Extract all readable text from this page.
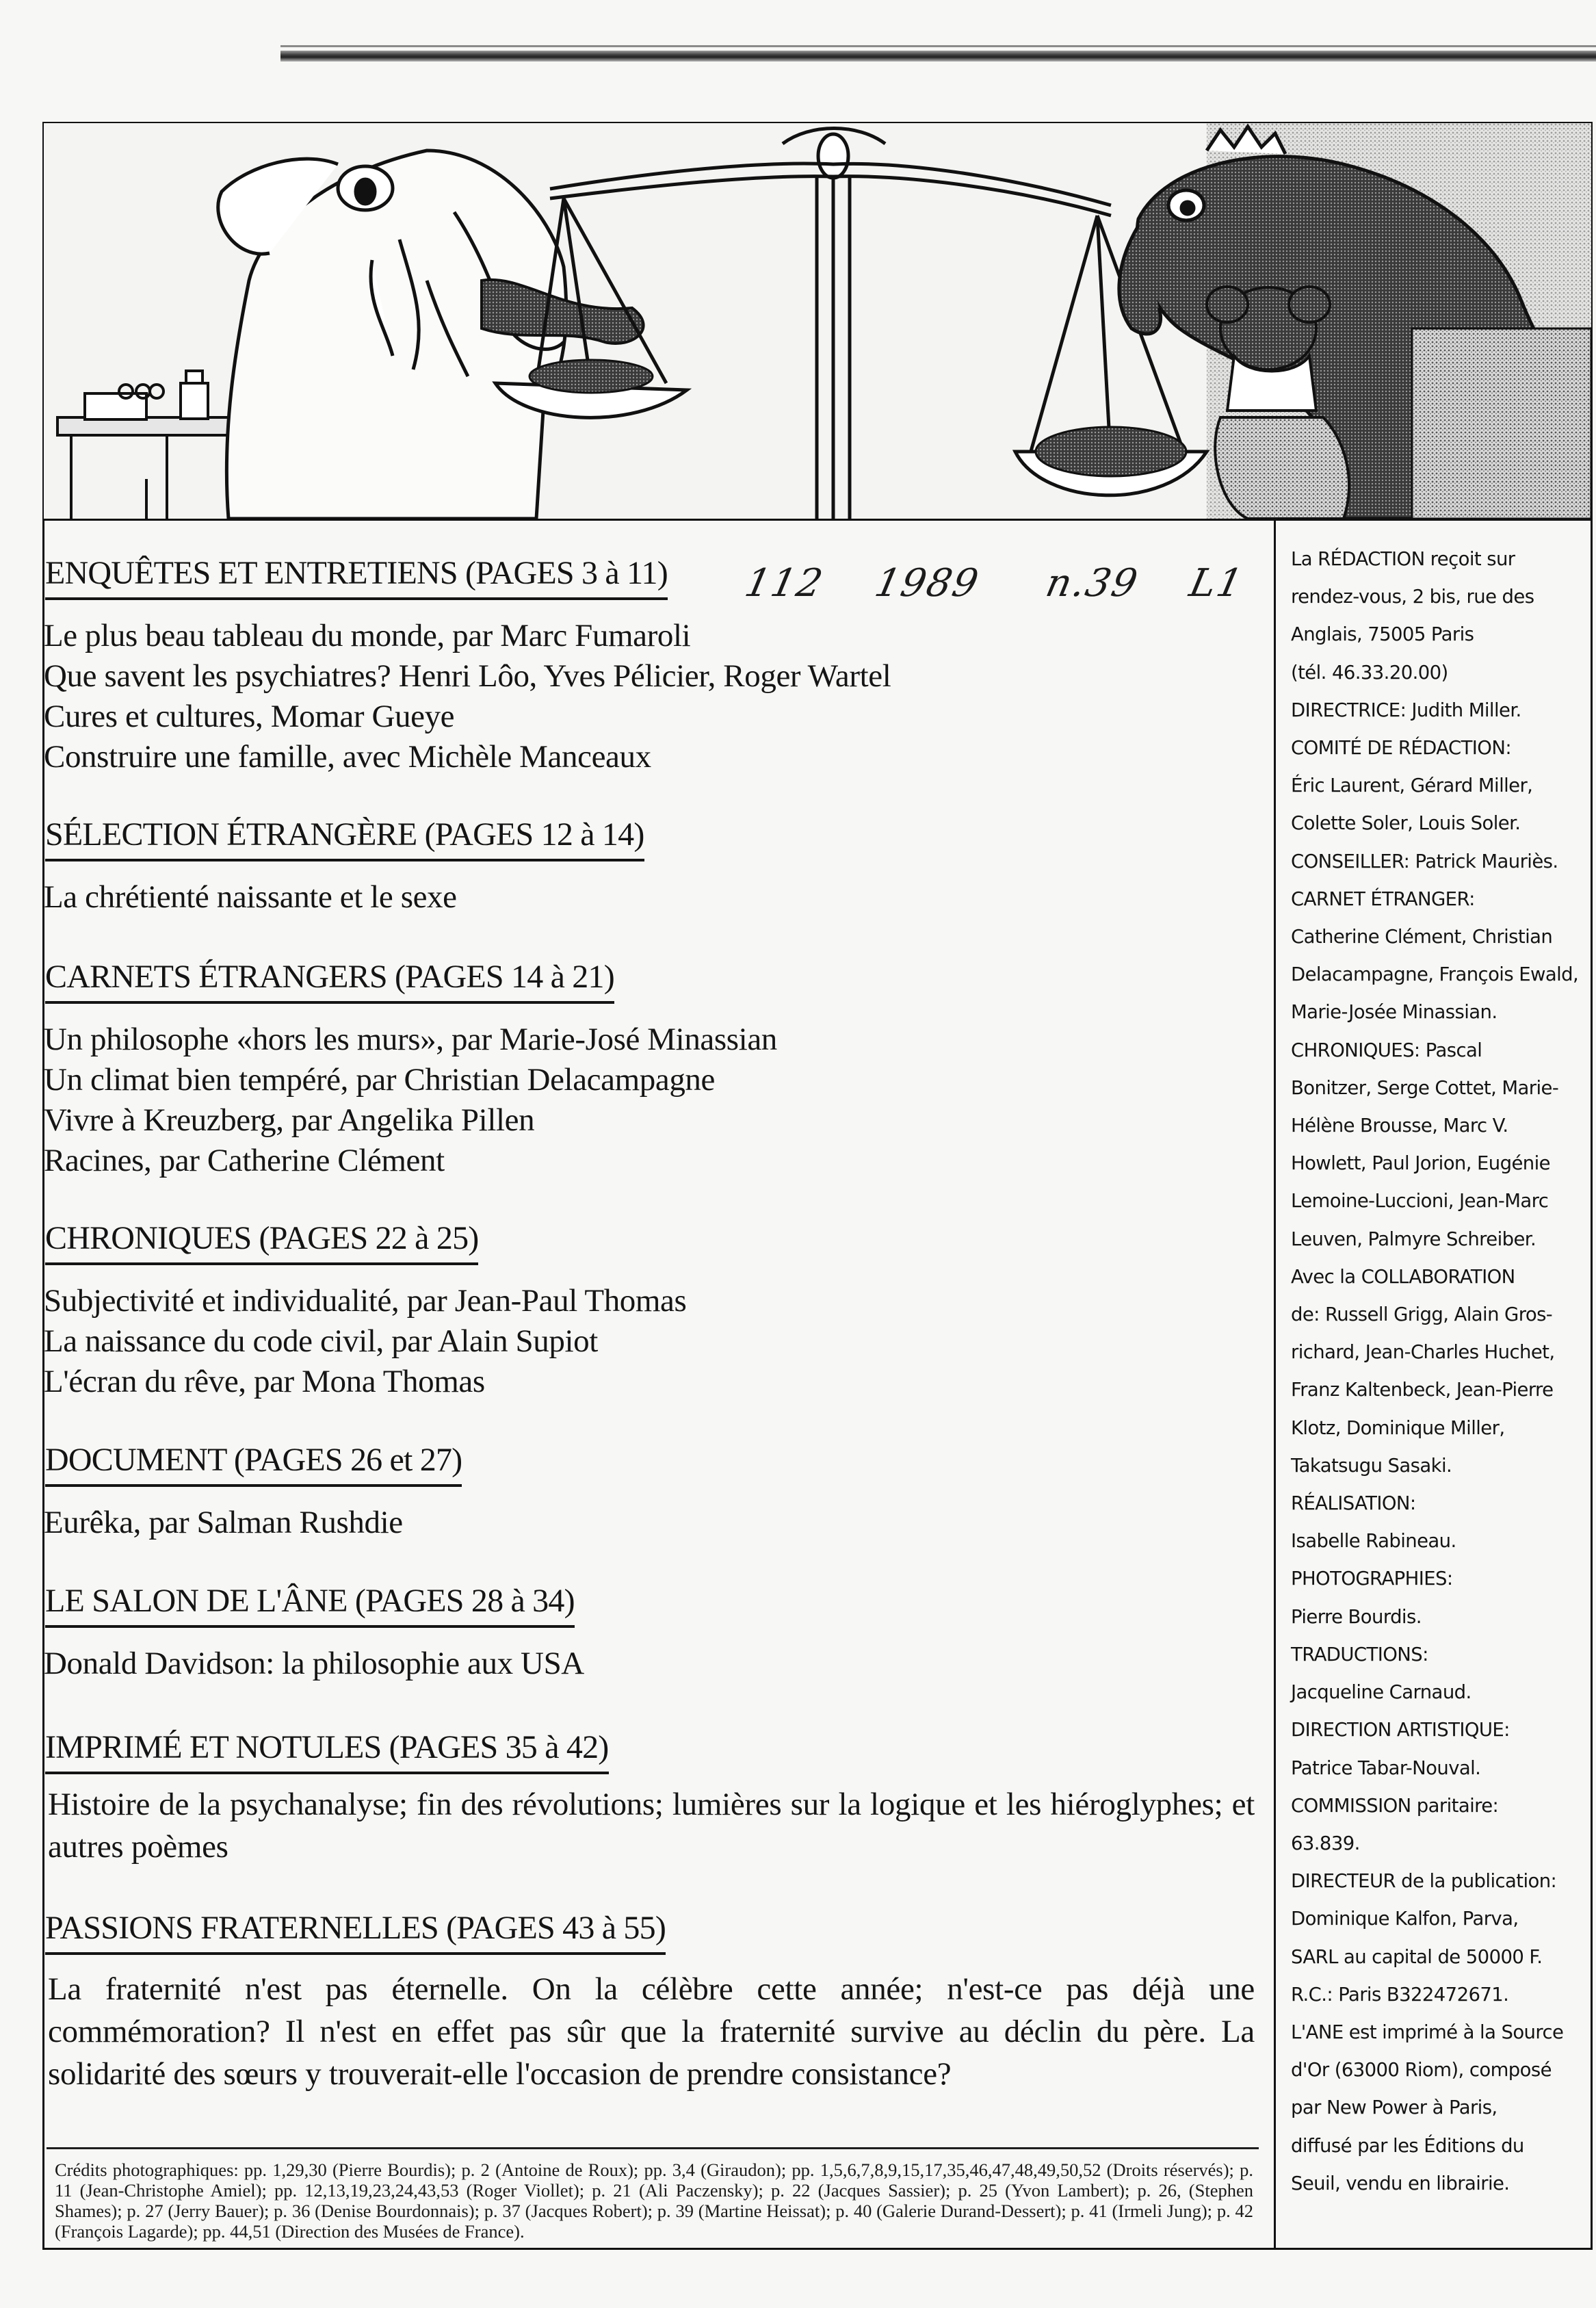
112 1989 n.39 L1
ENQUÊTES ET ENTRETIENS (PAGES 3 à 11)
Le plus beau tableau du monde, par Marc Fumaroli
Que savent les psychiatres? Henri Lôo, Yves Pélicier, Roger Wartel
Cures et cultures, Momar Gueye
Construire une famille, avec Michèle Manceaux
SÉLECTION ÉTRANGÈRE (PAGES 12 à 14)
La chrétienté naissante et le sexe
CARNETS ÉTRANGERS (PAGES 14 à 21)
Un philosophe «hors les murs», par Marie-José Minassian
Un climat bien tempéré, par Christian Delacampagne
Vivre à Kreuzberg, par Angelika Pillen
Racines, par Catherine Clément
CHRONIQUES (PAGES 22 à 25)
Subjectivité et individualité, par Jean-Paul Thomas
La naissance du code civil, par Alain Supiot
L'écran du rêve, par Mona Thomas
DOCUMENT (PAGES 26 et 27)
Eurêka, par Salman Rushdie
LE SALON DE L'ÂNE (PAGES 28 à 34)
Donald Davidson: la philosophie aux USA
IMPRIMÉ ET NOTULES (PAGES 35 à 42)
Histoire de la psychanalyse; fin des révolutions; lumières sur la logique et les hiéroglyphes; et autres poèmes
PASSIONS FRATERNELLES (PAGES 43 à 55)
La fraternité n'est pas éternelle. On la célèbre cette année; n'est-ce pas déjà une commémoration? Il n'est en effet pas sûr que la fraternité survive au déclin du père. La solidarité des sœurs y trouverait-elle l'occasion de prendre consistance?
Crédits photographiques: pp. 1,29,30 (Pierre Bourdis); p. 2 (Antoine de Roux); pp. 3,4 (Giraudon); pp. 1,5,6,7,8,9,15,17,35,46,47,48,49,50,52 (Droits réservés); p. 11 (Jean-Christophe Amiel); pp. 12,13,19,23,24,43,53 (Roger Viollet); p. 21 (Ali Paczensky); p. 22 (Jacques Sassier); p. 25 (Yvon Lambert); p. 26, (Stephen Shames); p. 27 (Jerry Bauer); p. 36 (Denise Bourdonnais); p. 37 (Jacques Robert); p. 39 (Martine Heissat); p. 40 (Galerie Durand-Dessert); p. 41 (Irmeli Jung); p. 42 (François Lagarde); pp. 44,51 (Direction des Musées de France).
La RÉDACTION reçoit sur
rendez-vous, 2 bis, rue des
Anglais, 75005 Paris
(tél. 46.33.20.00)
DIRECTRICE: Judith Miller.
COMITÉ DE RÉDACTION:
Éric Laurent, Gérard Miller,
Colette Soler, Louis Soler.
CONSEILLER: Patrick Mauriès.
CARNET ÉTRANGER:
Catherine Clément, Christian
Delacampagne, François Ewald,
Marie-Josée Minassian.
CHRONIQUES: Pascal
Bonitzer, Serge Cottet, Marie-
Hélène Brousse, Marc V.
Howlett, Paul Jorion, Eugénie
Lemoine-Luccioni, Jean-Marc
Leuven, Palmyre Schreiber.
Avec la COLLABORATION
de: Russell Grigg, Alain Gros-
richard, Jean-Charles Huchet,
Franz Kaltenbeck, Jean-Pierre
Klotz, Dominique Miller,
Takatsugu Sasaki.
RÉALISATION:
Isabelle Rabineau.
PHOTOGRAPHIES:
Pierre Bourdis.
TRADUCTIONS:
Jacqueline Carnaud.
DIRECTION ARTISTIQUE:
Patrice Tabar-Nouval.
COMMISSION paritaire:
63.839.
DIRECTEUR de la publication:
Dominique Kalfon, Parva,
SARL au capital de 50000 F.
R.C.: Paris B322472671.
L'ANE est imprimé à la Source
d'Or (63000 Riom), composé
par New Power à Paris,
diffusé par les Éditions du
Seuil, vendu en librairie.
